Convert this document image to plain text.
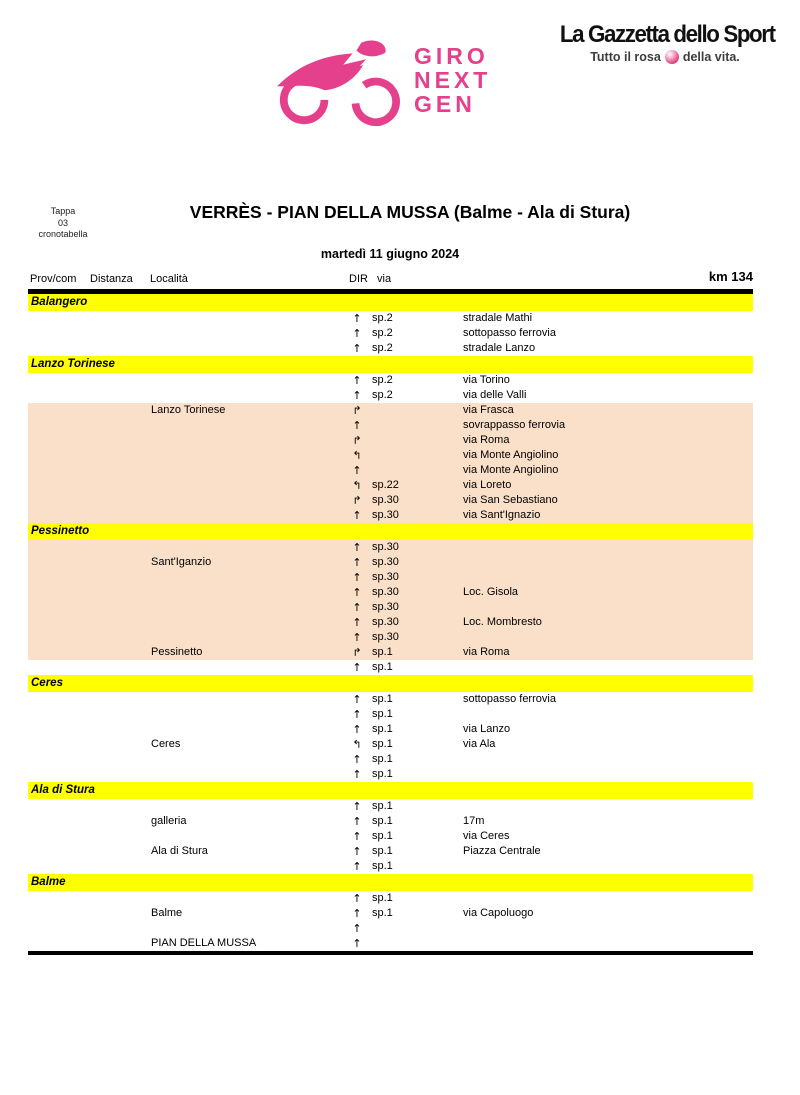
GIRO
NEXT
GEN
La Gazzetta dello Sport
Tutto il rosa della vita.
Tappa
03
cronotabella
VERRÈS - PIAN DELLA MUSSA (Balme - Ala di Stura)
martedì 11 giugno 2024
Prov/com Distanza Località	DIR via	km 134
Balangero
↑ sp.2	stradale Mathi
↑ sp.2	sottopasso ferrovia
↑ sp.2	stradale Lanzo
Lanzo Torinese
↑ sp.2	via Torino
↑ sp.2	via delle Valli
Lanzo Torinese	↱	via Frasca
↑	sovrappasso ferrovia
↱	via Roma
↰	via Monte Angiolino
↑	via Monte Angiolino
↰ sp.22	via Loreto
↱ sp.30	via San Sebastiano
↑ sp.30	via Sant'Ignazio
Pessinetto
↑ sp.30
Sant'Iganzio	↑ sp.30
↑ sp.30
↑ sp.30	Loc. Gisola
↑ sp.30
↑ sp.30	Loc. Mombresto
↑ sp.30
Pessinetto	↱ sp.1	via Roma
↑ sp.1
Ceres
↑ sp.1	sottopasso ferrovia
↑ sp.1
↑ sp.1	via Lanzo
Ceres	↰ sp.1	via Ala
↑ sp.1
↑ sp.1
Ala di Stura
↑ sp.1
galleria	↑ sp.1	17m
↑ sp.1	via Ceres
Ala di Stura	↑ sp.1	Piazza Centrale
↑ sp.1
Balme
↑ sp.1
Balme	↑ sp.1	via Capoluogo
↑
PIAN DELLA MUSSA	↑
